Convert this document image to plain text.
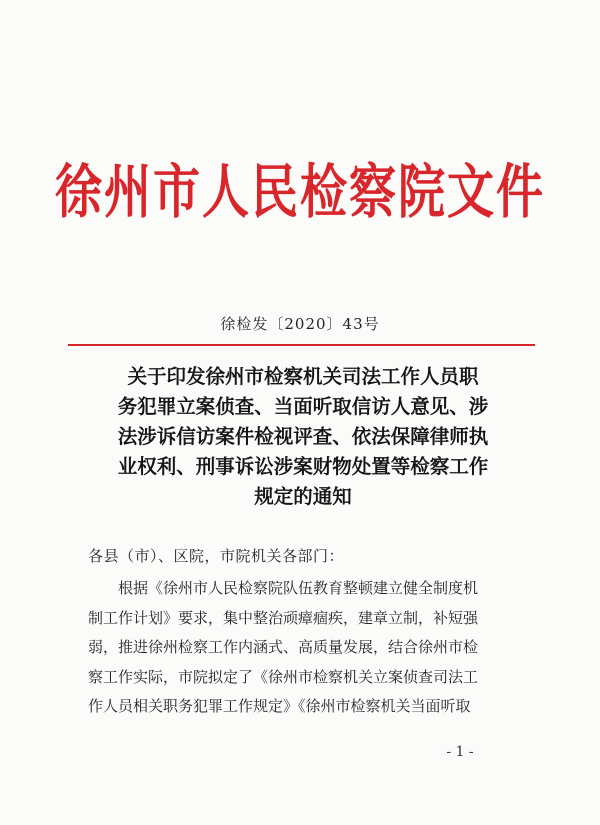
徐州市人民检察院文件
徐检发〔2020〕43号
关于印发徐州市检察机关司法工作人员职
务犯罪立案侦查、当面听取信访人意见、涉
法涉诉信访案件检视评查、依法保障律师执
业权利、刑事诉讼涉案财物处置等检察工作
规定的通知
各县（市）、区院，市院机关各部门：
　　根据《徐州市人民检察院队伍教育整顿建立健全制度机
制工作计划》要求，集中整治顽瘴痼疾，建章立制，补短强
弱，推进徐州检察工作内涵式、高质量发展，结合徐州市检
察工作实际，市院拟定了《徐州市检察机关立案侦查司法工
作人员相关职务犯罪工作规定》《徐州市检察机关当面听取
- 1 -
